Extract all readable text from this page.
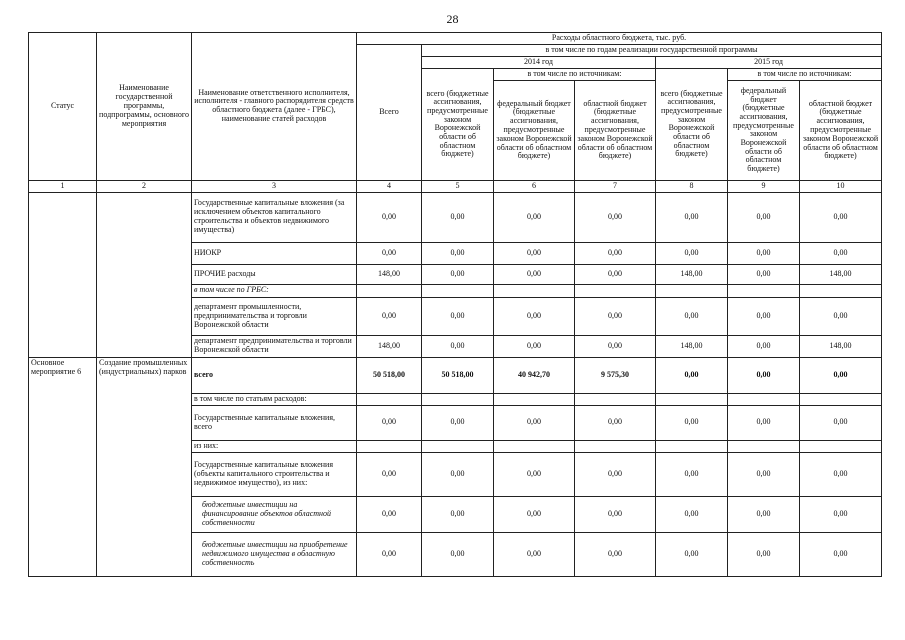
28
Статус	Наименование государственной программы, подпрограммы, основного мероприятия	Наименование ответственного исполнителя, исполнителя - главного распорядителя средств областного бюджета (далее - ГРБС), наименование статей расходов	Расходы областного бюджета, тыс. руб.						
			Всего	в том числе по годам реализации государственной программы					
				2014 год			2015 год		
				всего (бюджетные ассигнования, предусмотренные законом Воронежской области об областном бюджете)	в том числе по источникам:		всего (бюджетные ассигнования, предусмотренные законом Воронежской области об областном бюджете)	в том числе по источникам:	
					федеральный бюджет (бюджетные ассигнования, предусмотренные законом Воронежской области об областном бюджете)	областной бюджет (бюджетные ассигнования, предусмотренные законом Воронежской области об областном бюджете)		федеральный бюджет (бюджетные ассигнования, предусмотренные законом Воронежской области об областном бюджете)	областной бюджет (бюджетные ассигнования, предусмотренные законом Воронежской области об областном бюджете)
1	2	3	4	5	6	7	8	9	10
		Государственные капитальные вложения (за исключением объектов капитального строительства и объектов недвижимого имущества)	0,00	0,00	0,00	0,00	0,00	0,00	0,00
		НИОКР	0,00	0,00	0,00	0,00	0,00	0,00	0,00
		ПРОЧИЕ расходы	148,00	0,00	0,00	0,00	148,00	0,00	148,00
		в том числе по ГРБС:							
		департамент промышленности, предпринимательства и торговли Воронежской области	0,00	0,00	0,00	0,00	0,00	0,00	0,00
		департамент предпринимательства и торговли Воронежской области	148,00	0,00	0,00	0,00	148,00	0,00	148,00
Основное мероприятие 6	Создание промышленных (индустриальных) парков	всего	50 518,00	50 518,00	40 942,70	9 575,30	0,00	0,00	0,00
		в том числе по статьям расходов:							
		Государственные капитальные вложения, всего	0,00	0,00	0,00	0,00	0,00	0,00	0,00
		из них:							
		Государственные капитальные вложения (объекты капитального строительства и недвижимое имущество), из них:	0,00	0,00	0,00	0,00	0,00	0,00	0,00
		бюджетные инвестиции на финансирование объектов областной собственности	0,00	0,00	0,00	0,00	0,00	0,00	0,00
		бюджетные инвестиции на приобретение недвижимого имущества в областную собственность	0,00	0,00	0,00	0,00	0,00	0,00	0,00
